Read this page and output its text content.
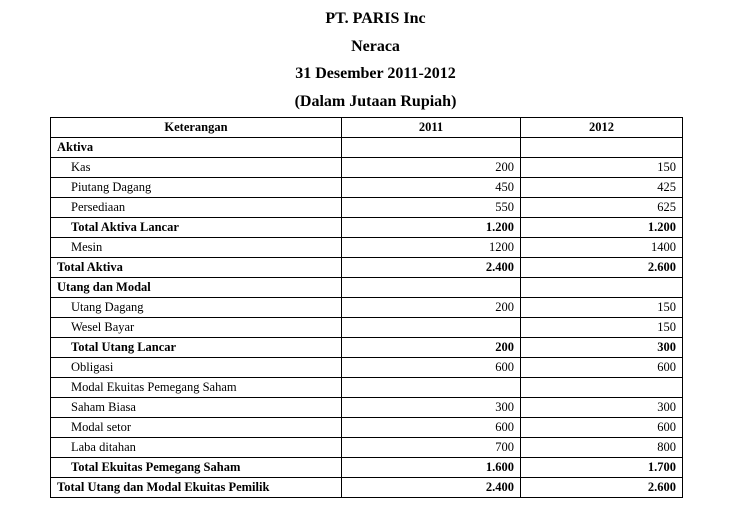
PT. PARIS Inc
Neraca
31 Desember 2011-2012
(Dalam Jutaan Rupiah)
Keterangan	2011	2012
Aktiva		
Kas	200	150
Piutang Dagang	450	425
Persediaan	550	625
Total Aktiva Lancar	1.200	1.200
Mesin	1200	1400
Total Aktiva	2.400	2.600
Utang dan Modal		
Utang Dagang	200	150
Wesel Bayar		150
Total Utang Lancar	200	300
Obligasi	600	600
Modal Ekuitas Pemegang Saham		
Saham Biasa	300	300
Modal setor	600	600
Laba ditahan	700	800
Total Ekuitas Pemegang Saham	1.600	1.700
Total Utang dan Modal Ekuitas Pemilik	2.400	2.600
